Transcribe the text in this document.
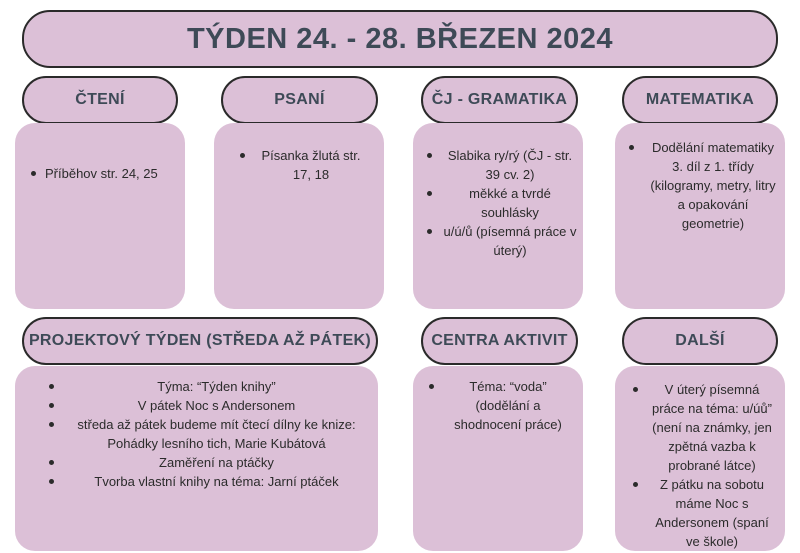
TÝDEN 24. - 28. BŘEZEN 2024
ČTENÍ
Příběhov str. 24, 25
PSANÍ
Písanka žlutá str. 17, 18
ČJ - GRAMATIKA
Slabika ry/rý (ČJ - str. 39 cv. 2)
měkké a tvrdé souhlásky
u/ú/ů (písemná práce v úterý)
MATEMATIKA
Dodělání matematiky 3. díl z 1. třídy (kilogramy, metry, litry a opakování geometrie)
PROJEKTOVÝ TÝDEN (STŘEDA AŽ PÁTEK)
Týma: “Týden knihy”
V pátek Noc s Andersonem
středa až pátek budeme mít čtecí dílny ke knize: Pohádky lesního tich, Marie Kubátová
Zaměření na ptáčky
Tvorba vlastní knihy na téma: Jarní ptáček
CENTRA AKTIVIT
Téma: “voda” (dodělání a shodnocení práce)
DALŠÍ
V úterý písemná práce na téma: u/úů” (není na známky, jen zpětná vazba k probrané látce)
Z pátku na sobotu máme Noc s Andersonem (spaní ve škole)
